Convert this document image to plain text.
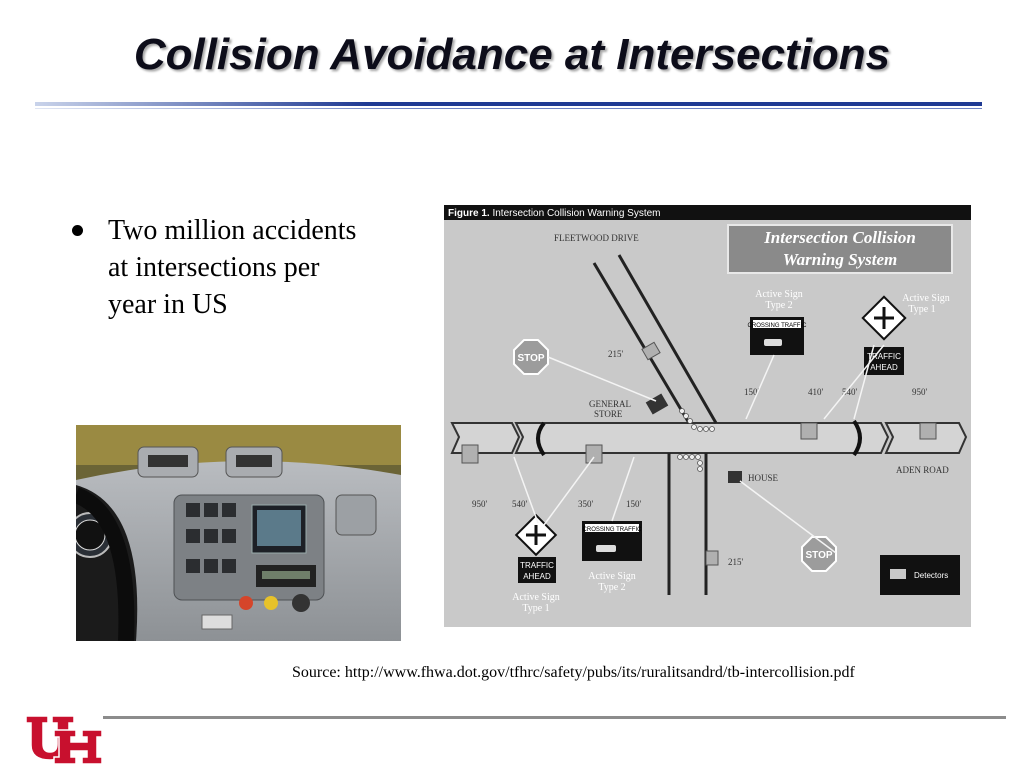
Collision Avoidance at Intersections
Two million accidents at intersections per year in US
Figure 1. Intersection Collision Warning System
Intersection Collision
Warning System
FLEETWOOD DRIVE
ADEN ROAD
GENERAL
STORE
HOUSE
215'
215'
150'	410' 540'	950'
950'	540'	350'	150'
Active Sign
Type 2
Active Sign
Type 1
Active Sign
Type 2
Active Sign
Type 1
CROSSING TRAFFIC
CROSSING TRAFFIC
TRAFFIC
AHEAD
TRAFFIC
AHEAD
STOP
STOP
Detectors
Source: http://www.fhwa.dot.gov/tfhrc/safety/pubs/its/ruralitsandrd/tb-intercollision.pdf
